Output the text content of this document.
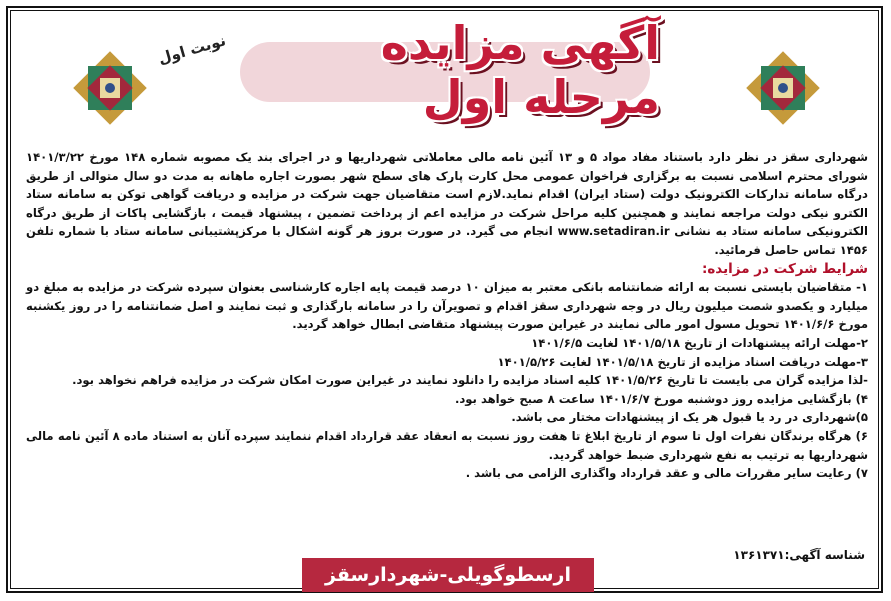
نوبت اول	آگهی مزایده مرحله اول

شهرداری سقز در نظر دارد باستناد مفاد مواد ۵ و ۱۳ آئین نامه مالی معاملاتی شهرداریها و در اجرای بند یک مصوبه شماره ۱۴۸ مورخ ۱۴۰۱/۳/۲۲ شورای محترم اسلامی نسبت به برگزاری فراخوان عمومی محل کارت پارک های سطح شهر بصورت اجاره ماهانه به مدت دو سال متوالی از طریق درگاه سامانه تدارکات الکترونیک دولت (ستاد ایران) اقدام نماید.لازم است متقاضیان جهت شرکت در مزایده و دریافت گواهی توکن به سامانه ستاد الکترو نیکی دولت مراجعه نمایند و همچنین کلیه مراحل شرکت در مزایده اعم از پرداخت تضمین ، پیشنهاد قیمت ، بازگشایی پاکات از طریق درگاه الکترونیکی سامانه ستاد به نشانی www.setadiran.ir انجام می گیرد. در صورت بروز هر گونه اشکال با مرکزپشتیبانی سامانه ستاد با شماره تلفن ۱۴۵۶ تماس حاصل فرمائید.

شرایط شرکت در مزایده:

۱- متقاضیان بایستی نسبت به ارائه ضمانتنامه بانکی معتبر به میزان ۱۰ درصد قیمت پایه اجاره کارشناسی بعنوان سپرده شرکت در مزایده به مبلغ دو میلیارد و یکصدو شصت میلیون ریال در وجه شهرداری سقز اقدام و تصویرآن را در سامانه بارگذاری و ثبت نمایند و اصل ضمانتنامه را در روز یکشنبه مورخ ۱۴۰۱/۶/۶ تحویل مسول امور مالی نمایند در غیراین صورت پیشنهاد متقاضی ابطال خواهد گردید.

۲-مهلت ارائه پیشنهادات از تاریخ ۱۴۰۱/۵/۱۸ لغایت ۱۴۰۱/۶/۵

۳-مهلت دریافت اسناد مزایده از تاریخ ۱۴۰۱/۵/۱۸ لغایت ۱۴۰۱/۵/۲۶

-لذا مزایده گران می بایست تا تاریخ ۱۴۰۱/۵/۲۶ کلیه اسناد مزایده را دانلود نمایند در غیراین صورت امکان شرکت در مزایده فراهم نخواهد بود.

۴) بازگشایی مزایده روز دوشنبه مورخ ۱۴۰۱/۶/۷ ساعت ۸ صبح خواهد بود.

۵)شهرداری در رد یا قبول هر یک از پیشنهادات مختار می باشد.

۶) هرگاه برندگان نفرات اول تا سوم از تاریخ ابلاغ تا هفت روز نسبت به انعقاد عقد قرارداد اقدام ننمایند سپرده آنان به استناد ماده ۸ آئین نامه مالی شهرداریها به ترتیب به نفع شهرداری ضبط خواهد گردید.

۷) رعایت سایر مقررات مالی و عقد قرارداد واگذاری الزامی می باشد .

شناسه آگهی:۱۳۶۱۳۷۱
ارسطوگویلی-شهردارسقز
